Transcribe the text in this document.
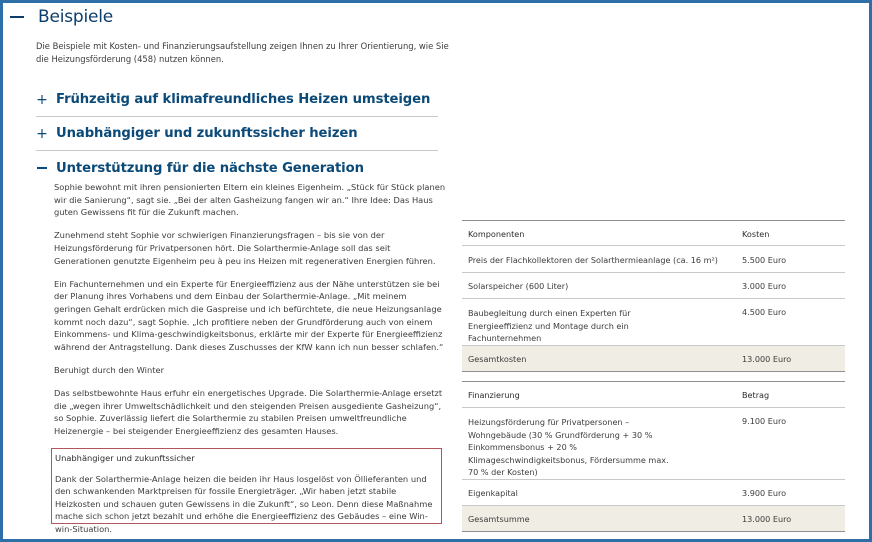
Beispiele
Die Beispiele mit Kosten- und Finanzierungsaufstellung zeigen Ihnen zu Ihrer Orientierung, wie Sie die Heizungsförderung (458) nutzen können.
+ Frühzeitig auf klimafreundliches Heizen umsteigen
+ Unabhängiger und zukunftssicher heizen
Unterstützung für die nächste Generation

Sophie bewohnt mit ihren pensionierten Eltern ein kleines Eigenheim. „Stück für Stück planen wir die Sanierung“, sagt sie. „Bei der alten Gasheizung fangen wir an.“ Ihre Idee: Das Haus guten Gewissens fit für die Zukunft machen.

Zunehmend steht Sophie vor schwierigen Finanzierungsfragen – bis sie von der Heizungsförderung für Privatpersonen hört. Die Solarthermie-Anlage soll das seit Generationen genutzte Eigenheim peu à peu ins Heizen mit regenerativen Energien führen.

Ein Fachunternehmen und ein Experte für Energieeffizienz aus der Nähe unterstützen sie bei der Planung ihres Vorhabens und dem Einbau der Solarthermie-Anlage. „Mit meinem geringen Gehalt erdrücken mich die Gaspreise und ich befürchtete, die neue Heizungsanlage kommt noch dazu“, sagt Sophie. „Ich profitiere neben der Grundförderung auch von einem Einkommens- und Klima-geschwindigkeitsbonus, erklärte mir der Experte für Energieeffizienz während der Antragstellung. Dank dieses Zuschusses der KfW kann ich nun besser schlafen.“

Beruhigt durch den Winter

Das selbstbewohnte Haus erfuhr ein energetisches Upgrade. Die Solarthermie-Anlage ersetzt die „wegen ihrer Umweltschädlichkeit und den steigenden Preisen ausgediente Gasheizung“, so Sophie. Zuverlässig liefert die Solarthermie zu stabilen Preisen umweltfreundliche Heizenergie – bei steigender Energieeffizienz des gesamten Hauses.

Unabhängiger und zukunftssicher

Dank der Solarthermie-Anlage heizen die beiden ihr Haus losgelöst von Öllieferanten und den schwankenden Marktpreisen für fossile Energieträger. „Wir haben jetzt stabile Heizkosten und schauen guten Gewissens in die Zukunft“, so Leon. Denn diese Maßnahme mache sich schon jetzt bezahlt und erhöhe die Energieeffizienz des Gebäudes – eine Win-win-Situation.

Komponenten	Kosten
Preis der Flachkollektoren der Solarthermieanlage (ca. 16 m²)	5.500 Euro
Solarspeicher (600 Liter)	3.000 Euro
Baubegleitung durch einen Experten für Energieeffizienz und Montage durch ein Fachunternehmen	4.500 Euro
Gesamtkosten	13.000 Euro
Finanzierung	Betrag
Heizungsförderung für Privatpersonen – Wohngebäude (30 % Grundförderung + 30 % Einkommensbonus + 20 % Klimageschwindigkeitsbonus, Fördersumme max. 70 % der Kosten)	9.100 Euro
Eigenkapital	3.900 Euro
Gesamtsumme	13.000 Euro
